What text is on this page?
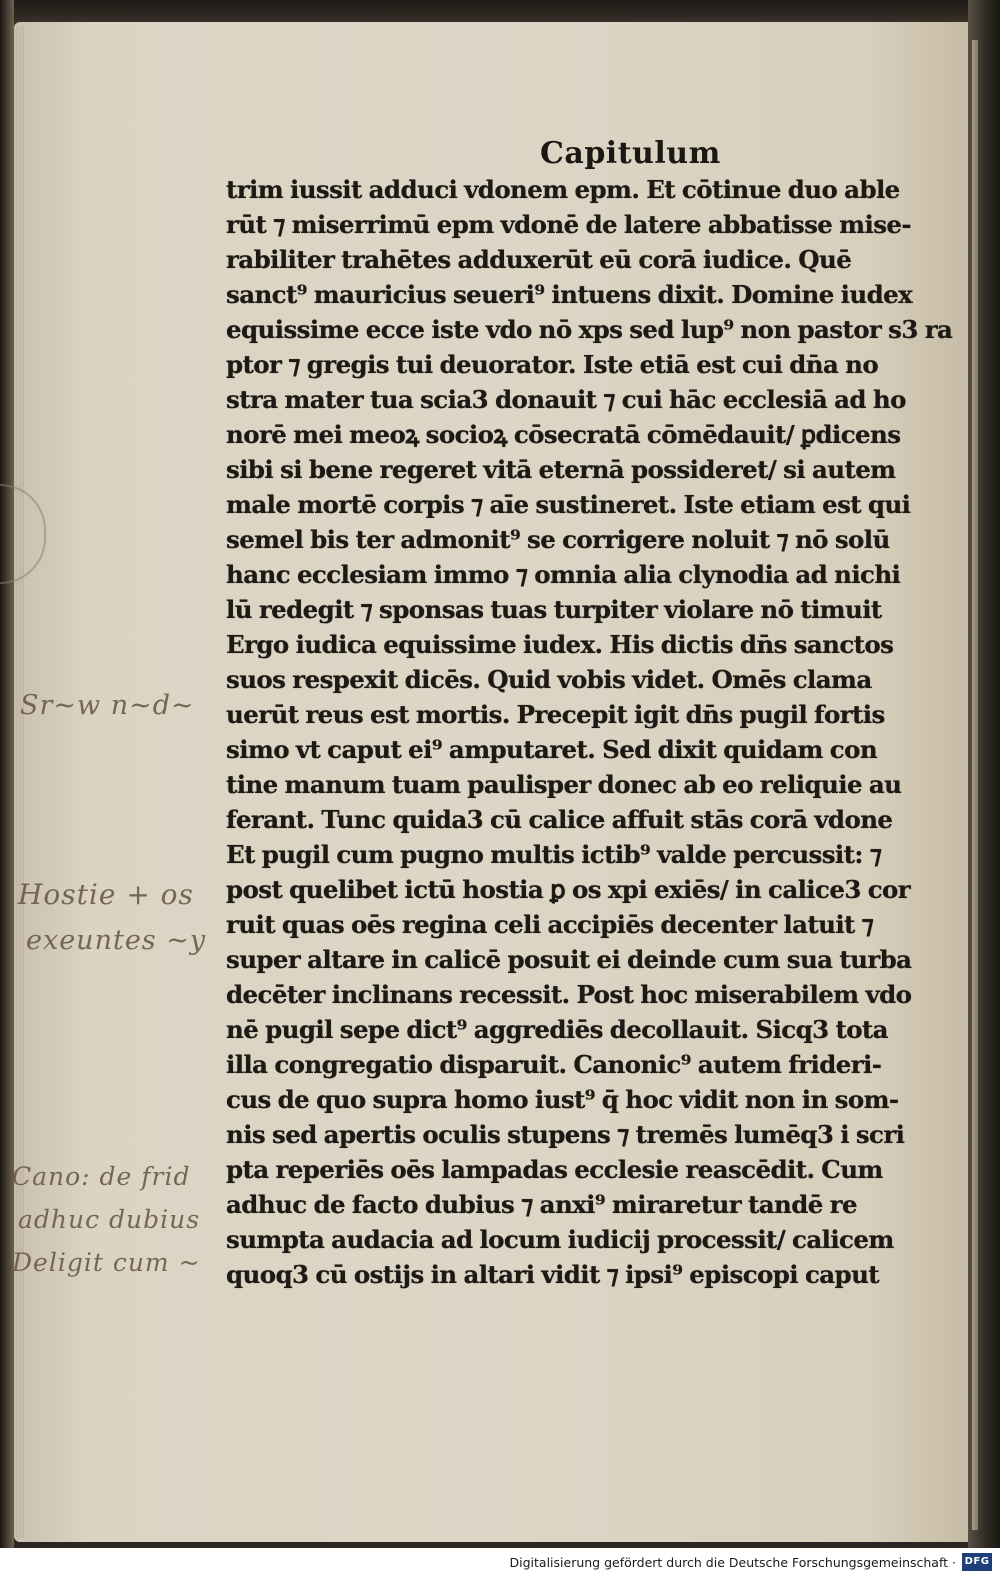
Capitulum
trim iussit adduci vdonem epm. Et cōtinue duo able
rūt ⁊ miserrimū epm vdonē de latere abbatisse mise-
rabiliter trahētes adduxerūt eū corā iudice. Quē
sanct⁹ mauricius seueri⁹ intuens dixit. Domine iudex
equissime ecce iste vdo nō xps sed lup⁹ non pastor s3 ra
ptor ⁊ gregis tui deuorator. Iste etiā est cui dn̄a no
stra mater tua scia3 donauit ⁊ cui hāc ecclesiā ad ho
norē mei meoꝝ socioꝝ cōsecratā cōmēdauit/ ꝑdicens
sibi si bene regeret vitā eternā possideret/ si autem
male mortē corpis ⁊ aīe sustineret. Iste etiam est qui
semel bis ter admonit⁹ se corrigere noluit ⁊ nō solū
hanc ecclesiam immo ⁊ omnia alia clynodia ad nichi
lū redegit ⁊ sponsas tuas turpiter violare nō timuit
Ergo iudica equissime iudex. His dictis dn̄s sanctos
suos respexit dicēs. Quid vobis videt. Omēs clama
uerūt reus est mortis. Precepit igit dn̄s pugil fortis
simo vt caput ei⁹ amputaret. Sed dixit quidam con
tine manum tuam paulisper donec ab eo reliquie au
ferant. Tunc quida3 cū calice affuit stās corā vdone
Et pugil cum pugno multis ictib⁹ valde percussit: ⁊
post quelibet ictū hostia ꝑ os xpi exiēs/ in calice3 cor
ruit quas oēs regina celi accipiēs decenter latuit ⁊
super altare in calicē posuit ei deinde cum sua turba
decēter inclinans recessit. Post hoc miserabilem vdo
nē pugil sepe dict⁹ aggrediēs decollauit. Sicq3 tota
illa congregatio disparuit. Canonic⁹ autem frideri-
cus de quo supra homo iust⁹ q̄ hoc vidit non in som-
nis sed apertis oculis stupens ⁊ tremēs lumēq3 i scri
pta reperiēs oēs lampadas ecclesie reascēdit. Cum
adhuc de facto dubius ⁊ anxi⁹ miraretur tandē re
sumpta audacia ad locum iudicij processit/ calicem
quoq3 cū ostijs in altari vidit ⁊ ipsi⁹ episcopi caput
Sr~w n~d~
Hostie + os
exeuntes ~y
Cano: de frid
adhuc dubius
Deligit cum ~
Digitalisierung gefördert durch die Deutsche Forschungsgemeinschaft · DFG
